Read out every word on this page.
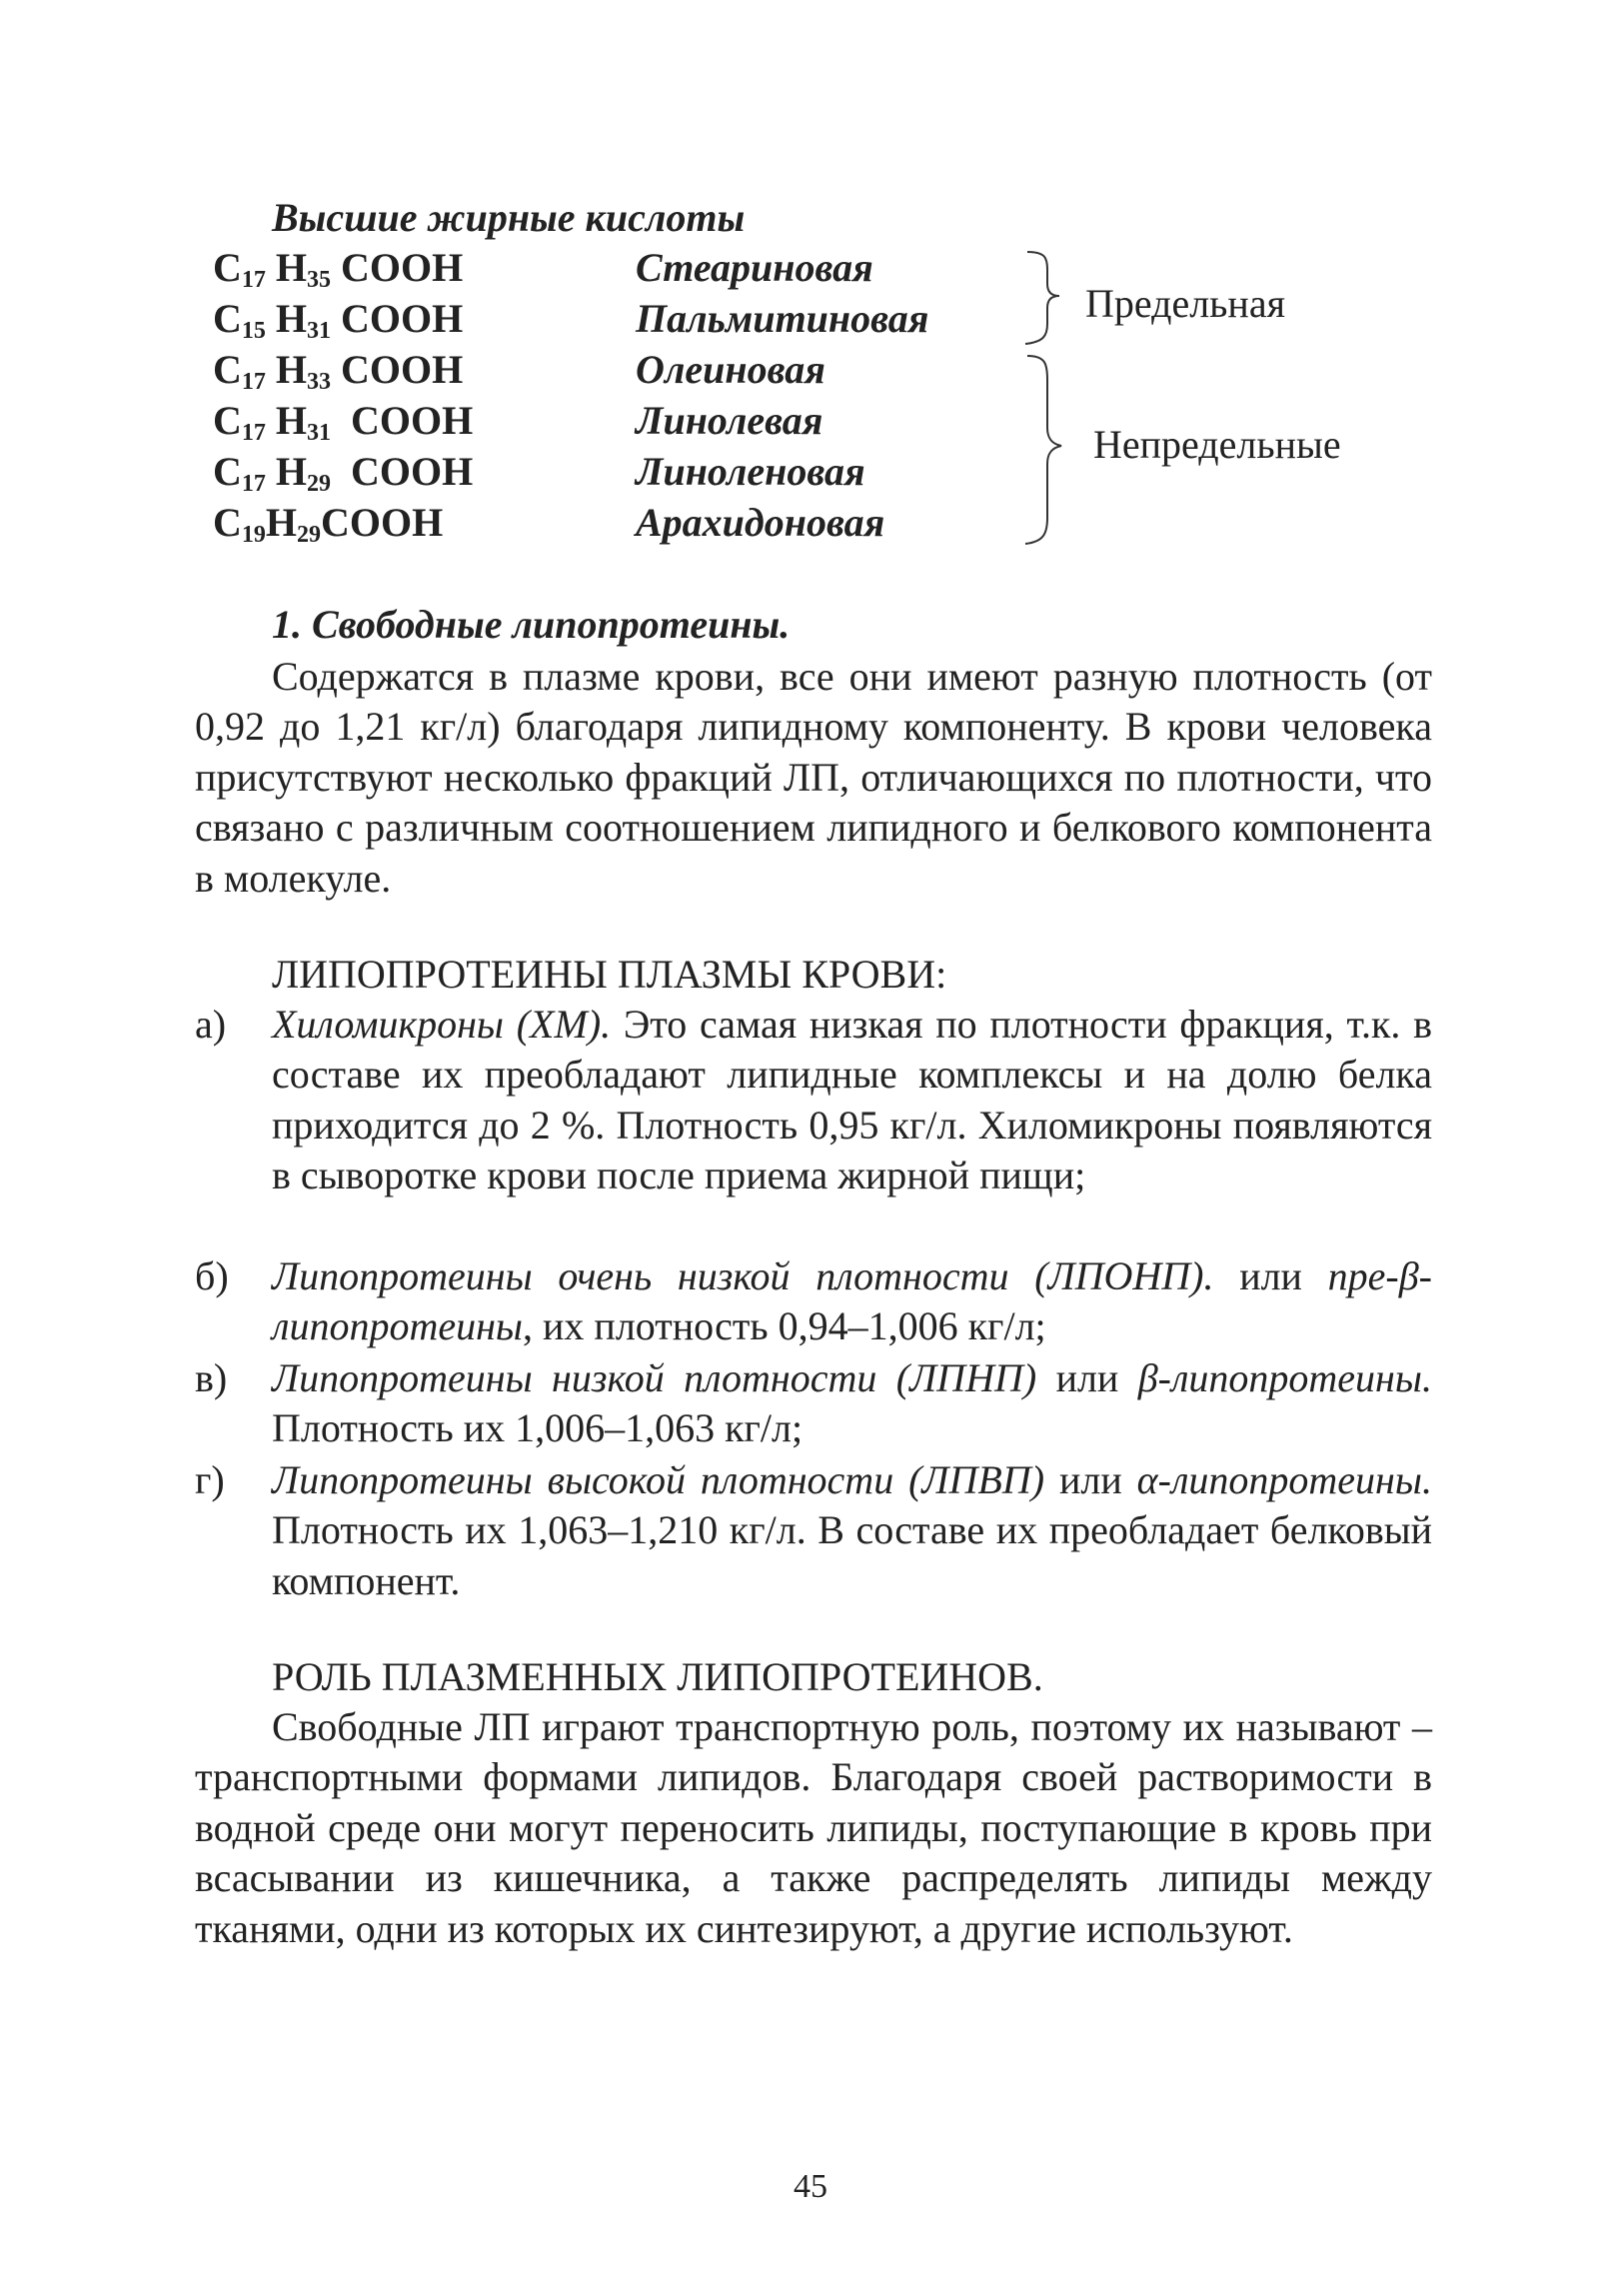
Высшие жирные кислоты
$C_{17}$ $H_{35}$ COOH	Стеариновая
$C_{15}$ $H_{31}$ COOH	Пальмитиновая
$C_{17}$ $H_{33}$ COOH	Олеиновая
$C_{17}$ $H_{31}$  COOH	Линолевая
$C_{17}$ $H_{29}$  COOH	Линоленовая
$C_{19}H_{29}COOH$	Арахидоновая
Предельная
Непредельные
1. Свободные липопротеины.

Содержатся в плазме крови, все они имеют разную плотность (от 0,92 до 1,21 кг/л) благодаря липидному компоненту. В крови человека присутствуют несколько фракций ЛП, отличающихся по плотности, что связано с различным соотношением липидного и белкового компонента в молекуле.

ЛИПОПРОТЕИНЫ ПЛАЗМЫ КРОВИ:
а) Хиломикроны (ХМ). Это самая низкая по плотности фракция, т.к. в составе их преобладают липидные комплексы и на долю белка приходится до 2 %. Плотность 0,95 кг/л. Хиломикроны появляются в сыворотке крови после приема жирной пищи;

б) Липопротеины очень низкой плотности (ЛПОНП). или пре-β-липопротеины, их плотность 0,94–1,006 кг/л;

в) Липопротеины низкой плотности (ЛПНП) или β-липопротеины. Плотность их 1,006–1,063 кг/л;

г) Липопротеины высокой плотности (ЛПВП) или α-липопротеины. Плотность их 1,063–1,210 кг/л. В составе их преобладает белковый компонент.

РОЛЬ ПЛАЗМЕННЫХ ЛИПОПРОТЕИНОВ.

Свободные ЛП играют транспортную роль, поэтому их называют – транспортными формами липидов. Благодаря своей растворимости в водной среде они могут переносить липиды, поступающие в кровь при всасывании из кишечника, а также распределять липиды между тканями, одни из которых их синтезируют, а другие используют.

45
